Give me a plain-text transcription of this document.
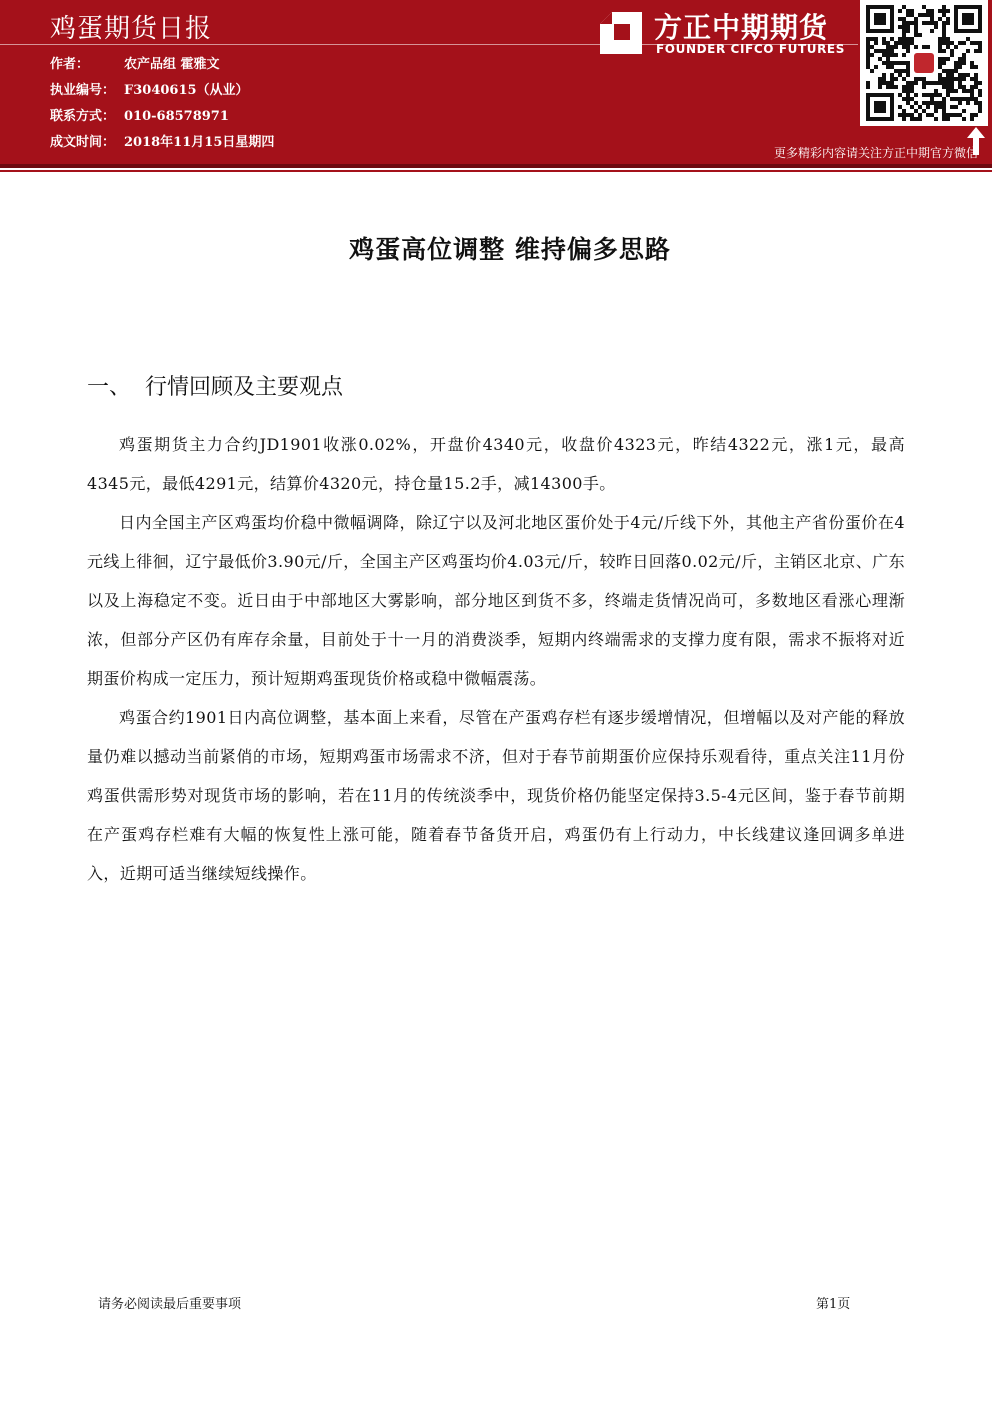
鸡蛋期货日报
作者：	农产品组 霍雅文
执业编号： F3040615（从业）
联系方式： 010-68578971
成文时间： 2018年11月15日星期四
方正中期期货
FOUNDER CIFCO FUTURES
更多精彩内容请关注方正中期官方微信
鸡蛋高位调整 维持偏多思路
一、 行情回顾及主要观点

鸡蛋期货主力合约JD1901收涨0.02%，开盘价4340元，收盘价4323元，昨结4322元，涨1元，最高4345元，最低4291元，结算价4320元，持仓量15.2手，减14300手。

日内全国主产区鸡蛋均价稳中微幅调降，除辽宁以及河北地区蛋价处于4元/斤线下外，其他主产省份蛋价在4元线上徘徊，辽宁最低价3.90元/斤，全国主产区鸡蛋均价4.03元/斤，较昨日回落0.02元/斤，主销区北京、广东以及上海稳定不变。近日由于中部地区大雾影响，部分地区到货不多，终端走货情况尚可，多数地区看涨心理渐浓，但部分产区仍有库存余量，目前处于十一月的消费淡季，短期内终端需求的支撑力度有限，需求不振将对近期蛋价构成一定压力，预计短期鸡蛋现货价格或稳中微幅震荡。

鸡蛋合约1901日内高位调整，基本面上来看，尽管在产蛋鸡存栏有逐步缓增情况，但增幅以及对产能的释放量仍难以撼动当前紧俏的市场，短期鸡蛋市场需求不济，但对于春节前期蛋价应保持乐观看待，重点关注11月份鸡蛋供需形势对现货市场的影响，若在11月的传统淡季中，现货价格仍能坚定保持3.5-4元区间，鉴于春节前期在产蛋鸡存栏难有大幅的恢复性上涨可能，随着春节备货开启，鸡蛋仍有上行动力，中长线建议逢回调多单进入，近期可适当继续短线操作。

请务必阅读最后重要事项	第1页
